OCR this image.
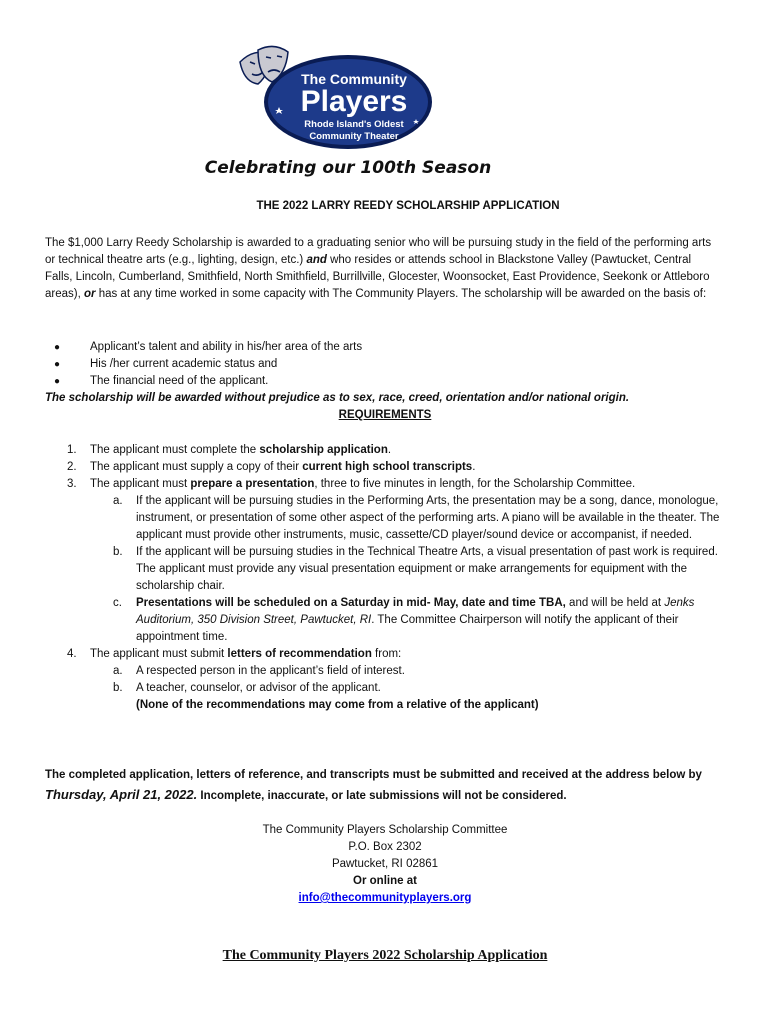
The Community
Players
Rhode Island's Oldest
Community Theater
Celebrating our 100th Season
THE 2022 LARRY REEDY SCHOLARSHIP APPLICATION
The $1,000 Larry Reedy Scholarship is awarded to a graduating senior who will be pursuing study in the field of the performing arts or technical theatre arts (e.g., lighting, design, etc.) and who resides or attends school in Blackstone Valley (Pawtucket, Central Falls, Lincoln, Cumberland, Smithfield, North Smithfield, Burrillville, Glocester, Woonsocket, East Providence, Seekonk or Attleboro areas), or has at any time worked in some capacity with The Community Players. The scholarship will be awarded on the basis of:
● Applicant’s talent and ability in his/her area of the arts
● His /her current academic status and
● The financial need of the applicant.
The scholarship will be awarded without prejudice as to sex, race, creed, orientation and/or national origin.
REQUIREMENTS
1.	The applicant must complete the scholarship application.
2.	The applicant must supply a copy of their current high school transcripts.
3.	The applicant must prepare a presentation, three to five minutes in length, for the Scholarship Committee.
a. If the applicant will be pursuing studies in the Performing Arts, the presentation may be a song, dance, monologue, instrument, or presentation of some other aspect of the performing arts. A piano will be available in the theater. The applicant must provide other instruments, music, cassette/CD player/sound device or accompanist, if needed.
b. If the applicant will be pursuing studies in the Technical Theatre Arts, a visual presentation of past work is required. The applicant must provide any visual presentation equipment or make arrangements for equipment with the scholarship chair.
c. Presentations will be scheduled on a Saturday in mid- May, date and time TBA, and will be held at Jenks Auditorium, 350 Division Street, Pawtucket, RI. The Committee Chairperson will notify the applicant of their appointment time.
4.	The applicant must submit letters of recommendation from:
a. A respected person in the applicant’s field of interest.
b. A teacher, counselor, or advisor of the applicant.
(None of the recommendations may come from a relative of the applicant)
The completed application, letters of reference, and transcripts must be submitted and received at the address below by Thursday, April 21, 2022. Incomplete, inaccurate, or late submissions will not be considered.
The Community Players Scholarship Committee
P.O. Box 2302
Pawtucket, RI 02861
Or online at
info@thecommunityplayers.org
The Community Players 2022 Scholarship Application
